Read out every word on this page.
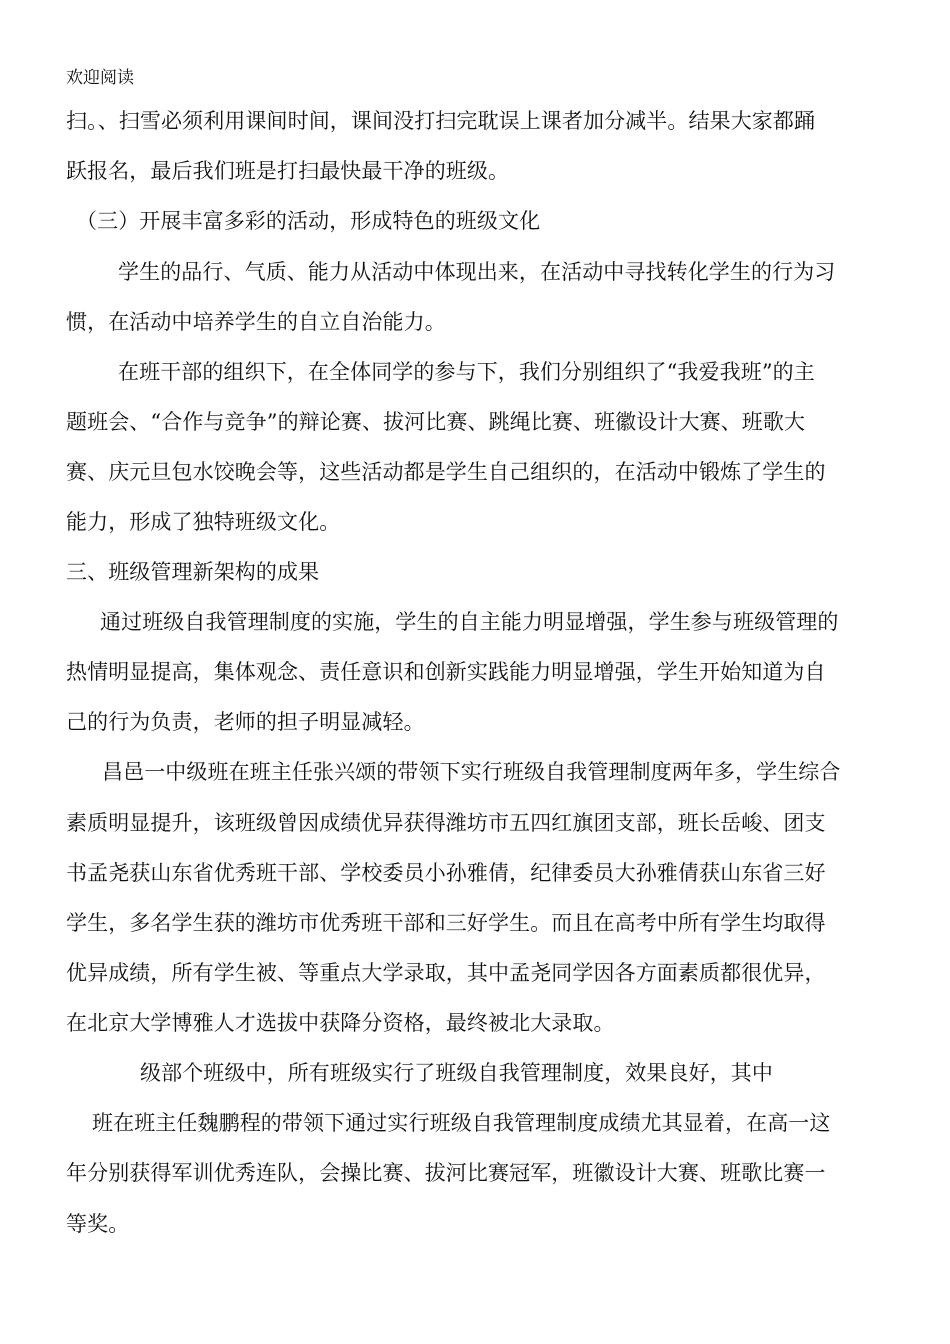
欢迎阅读
扫。、扫雪必须利用课间时间，课间没打扫完耽误上课者加分减半。结果大家都踊
跃报名，最后我们班是打扫最快最干净的班级。
（三）开展丰富多彩的活动，形成特色的班级文化
学生的品行、气质、能力从活动中体现出来，在活动中寻找转化学生的行为习
惯，在活动中培养学生的自立自治能力。
在班干部的组织下，在全体同学的参与下，我们分别组织了“我爱我班”的主
题班会、“合作与竞争”的辩论赛、拔河比赛、跳绳比赛、班徽设计大赛、班歌大
赛、庆元旦包水饺晚会等，这些活动都是学生自己组织的，在活动中锻炼了学生的
能力，形成了独特班级文化。
三、班级管理新架构的成果
通过班级自我管理制度的实施，学生的自主能力明显增强，学生参与班级管理的
热情明显提高，集体观念、责任意识和创新实践能力明显增强，学生开始知道为自
己的行为负责，老师的担子明显减轻。
昌邑一中级班在班主任张兴颂的带领下实行班级自我管理制度两年多，学生综合
素质明显提升，该班级曾因成绩优异获得潍坊市五四红旗团支部，班长岳峻、团支
书孟尧获山东省优秀班干部、学校委员小孙雅倩，纪律委员大孙雅倩获山东省三好
学生，多名学生获的潍坊市优秀班干部和三好学生。而且在高考中所有学生均取得
优异成绩，所有学生被、等重点大学录取，其中孟尧同学因各方面素质都很优异，
在北京大学博雅人才选拔中获降分资格，最终被北大录取。
级部个班级中，所有班级实行了班级自我管理制度，效果良好，其中
班在班主任魏鹏程的带领下通过实行班级自我管理制度成绩尤其显着，在高一这
年分别获得军训优秀连队，会操比赛、拔河比赛冠军，班徽设计大赛、班歌比赛一
等奖。
